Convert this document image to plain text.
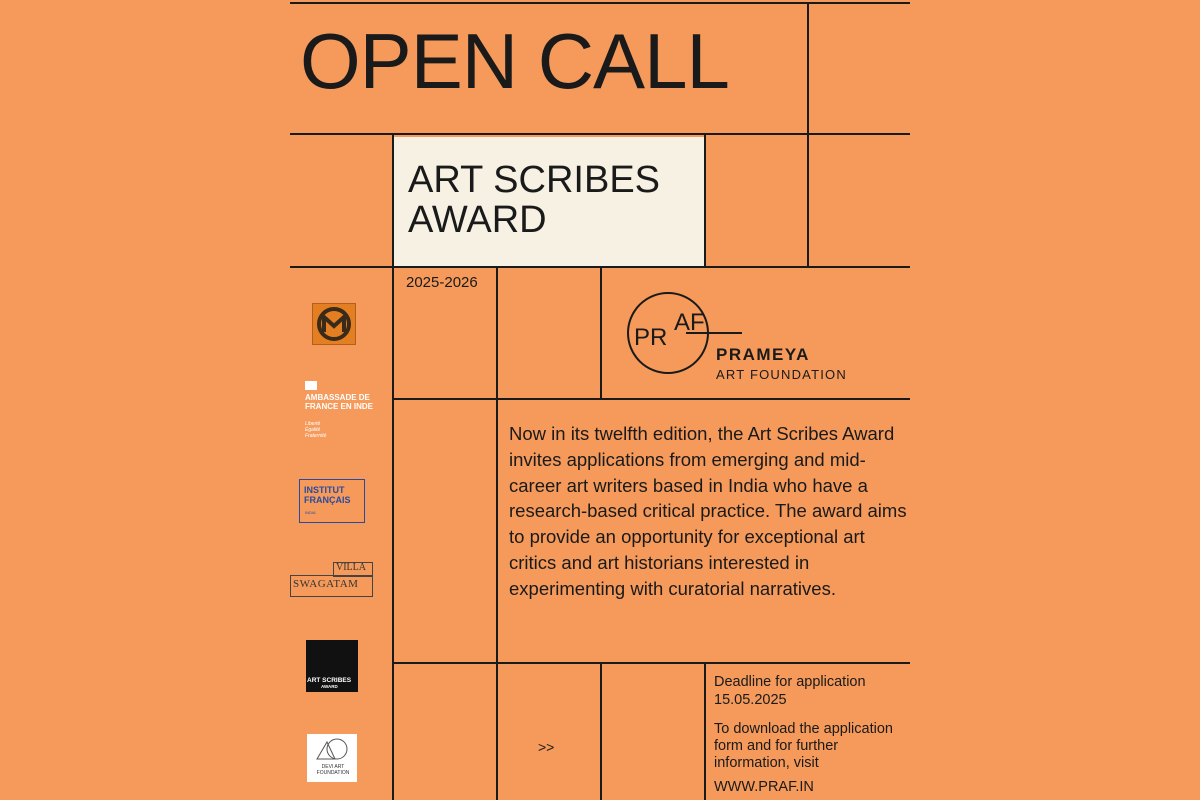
OPEN CALL
ART SCRIBES
AWARD
2025-2026
PR
AF
PRAMEYA
ART FOUNDATION
Now in its twelfth edition, the Art Scribes Award invites applications from emerging and mid-career art writers based in India who have a research-based critical practice. The award aims to provide an opportunity for exceptional art critics and art historians interested in experimenting with curatorial narratives.
Deadline for application
15.05.2025
To download the application form and for further information, visit
WWW.PRAF.IN
>>
AMBASSADE DE FRANCE EN INDE
Liberté Égalité Fraternité
INSTITUT FRANÇAIS
INDIA
VILLA
SWAGATAM
ART SCRIBES
AWARD
DEVI ART FOUNDATION
